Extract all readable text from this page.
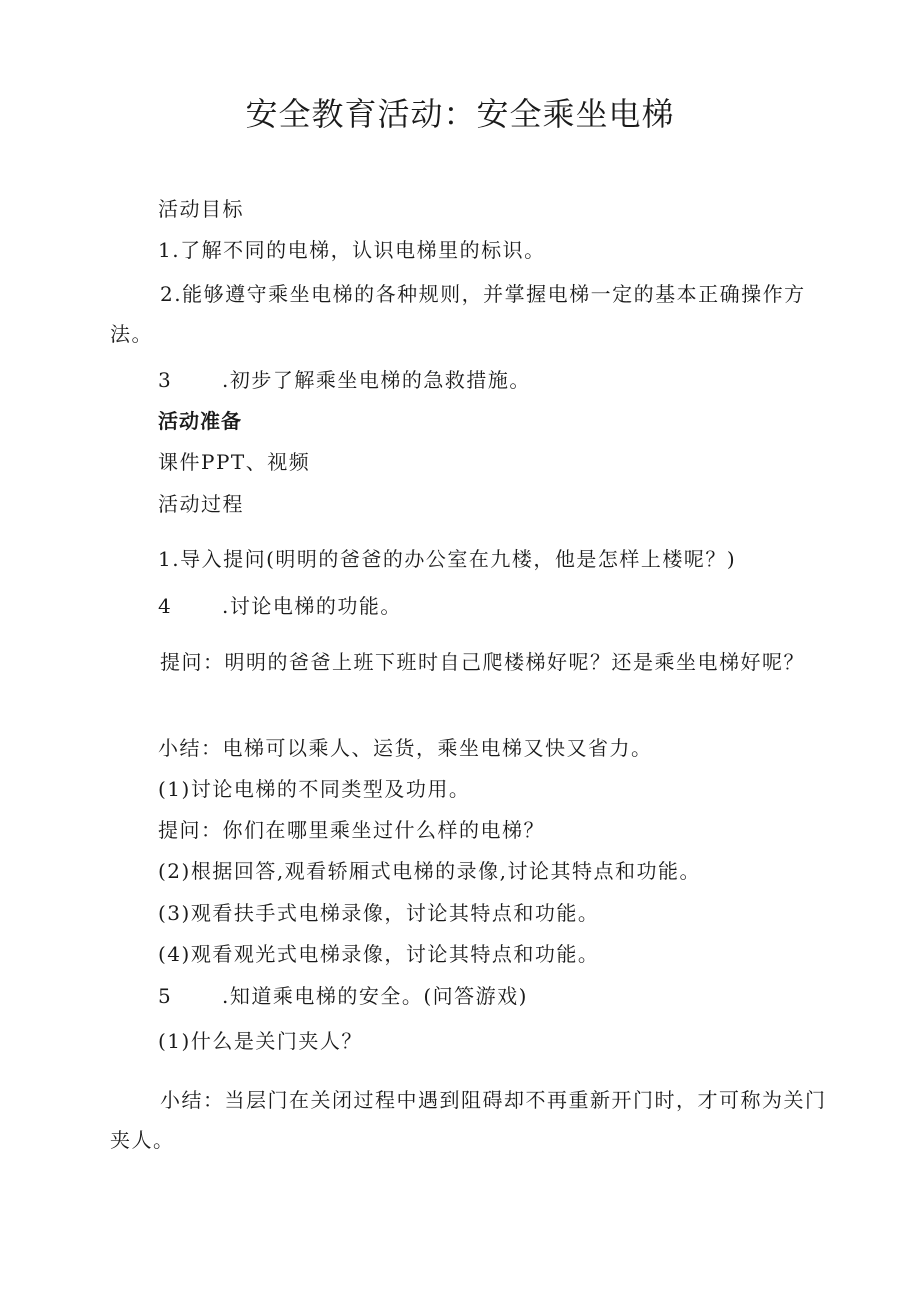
安全教育活动：安全乘坐电梯
活动目标
1.了解不同的电梯，认识电梯里的标识。
2.能够遵守乘坐电梯的各种规则，并掌握电梯一定的基本正确操作方法。
3 .初步了解乘坐电梯的急救措施。
活动准备
课件PPT、视频
活动过程
1.导入提问(明明的爸爸的办公室在九楼，他是怎样上楼呢？)
4 .讨论电梯的功能。
提问：明明的爸爸上班下班时自己爬楼梯好呢？还是乘坐电梯好呢？
小结：电梯可以乘人、运货，乘坐电梯又快又省力。
(1)讨论电梯的不同类型及功用。
提问：你们在哪里乘坐过什么样的电梯？
(2)根据回答,观看轿厢式电梯的录像,讨论其特点和功能。
(3)观看扶手式电梯录像，讨论其特点和功能。
(4)观看观光式电梯录像，讨论其特点和功能。
5 .知道乘电梯的安全。(问答游戏)
(1)什么是关门夹人？
小结：当层门在关闭过程中遇到阻碍却不再重新开门时，才可称为关门夹人。
